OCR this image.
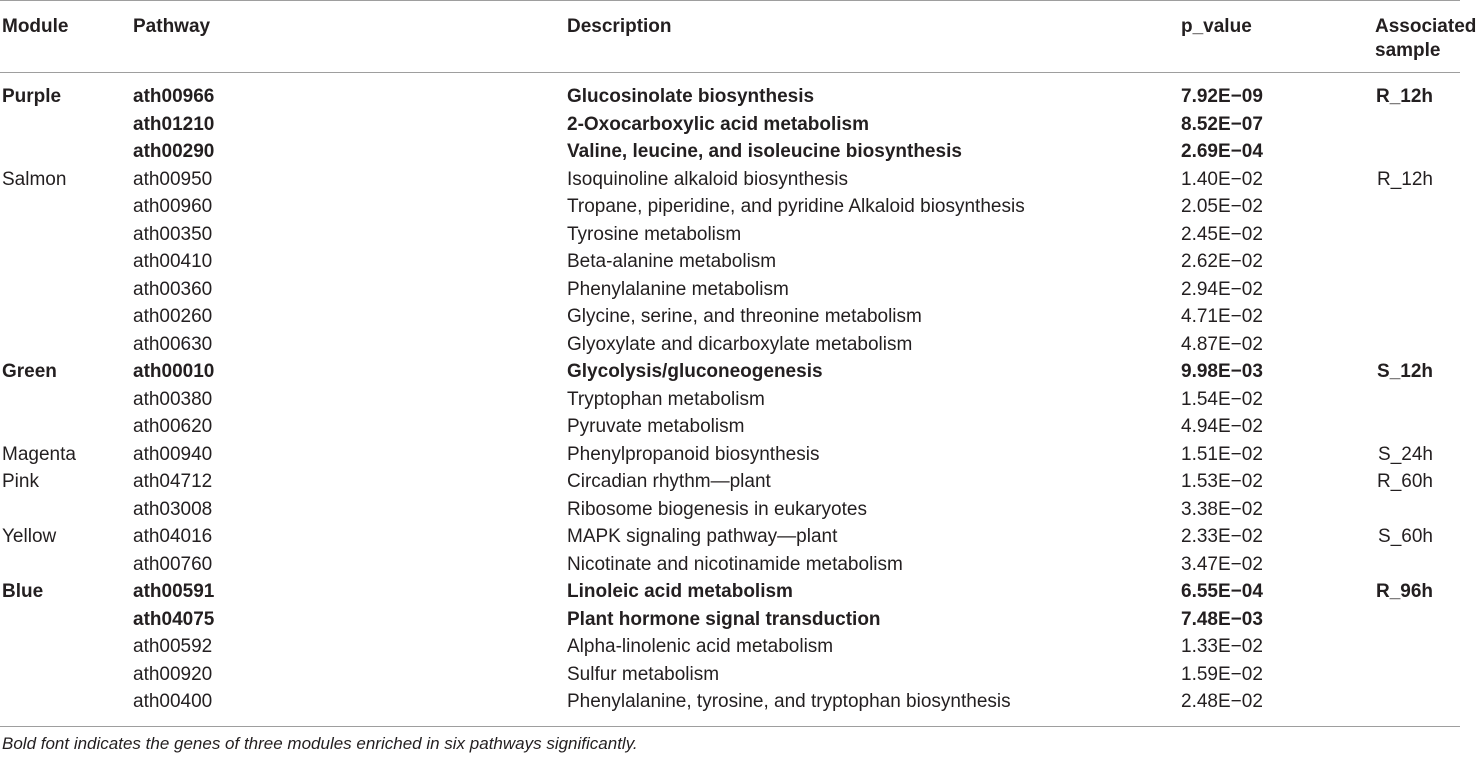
Module	Pathway	Description	p_value	Associated
sample
Purple	ath00966	Glucosinolate biosynthesis	7.92E−09	R_12h
	ath01210	2-Oxocarboxylic acid metabolism	8.52E−07	
	ath00290	Valine, leucine, and isoleucine biosynthesis	2.69E−04	
Salmon	ath00950	Isoquinoline alkaloid biosynthesis	1.40E−02	R_12h
	ath00960	Tropane, piperidine, and pyridine Alkaloid biosynthesis	2.05E−02	
	ath00350	Tyrosine metabolism	2.45E−02	
	ath00410	Beta-alanine metabolism	2.62E−02	
	ath00360	Phenylalanine metabolism	2.94E−02	
	ath00260	Glycine, serine, and threonine metabolism	4.71E−02	
	ath00630	Glyoxylate and dicarboxylate metabolism	4.87E−02	
Green	ath00010	Glycolysis/gluconeogenesis	9.98E−03	S_12h
	ath00380	Tryptophan metabolism	1.54E−02	
	ath00620	Pyruvate metabolism	4.94E−02	
Magenta	ath00940	Phenylpropanoid biosynthesis	1.51E−02	S_24h
Pink	ath04712	Circadian rhythm—plant	1.53E−02	R_60h
	ath03008	Ribosome biogenesis in eukaryotes	3.38E−02	
Yellow	ath04016	MAPK signaling pathway—plant	2.33E−02	S_60h
	ath00760	Nicotinate and nicotinamide metabolism	3.47E−02	
Blue	ath00591	Linoleic acid metabolism	6.55E−04	R_96h
	ath04075	Plant hormone signal transduction	7.48E−03	
	ath00592	Alpha-linolenic acid metabolism	1.33E−02	
	ath00920	Sulfur metabolism	1.59E−02	
	ath00400	Phenylalanine, tyrosine, and tryptophan biosynthesis	2.48E−02	
Bold font indicates the genes of three modules enriched in six pathways significantly.
